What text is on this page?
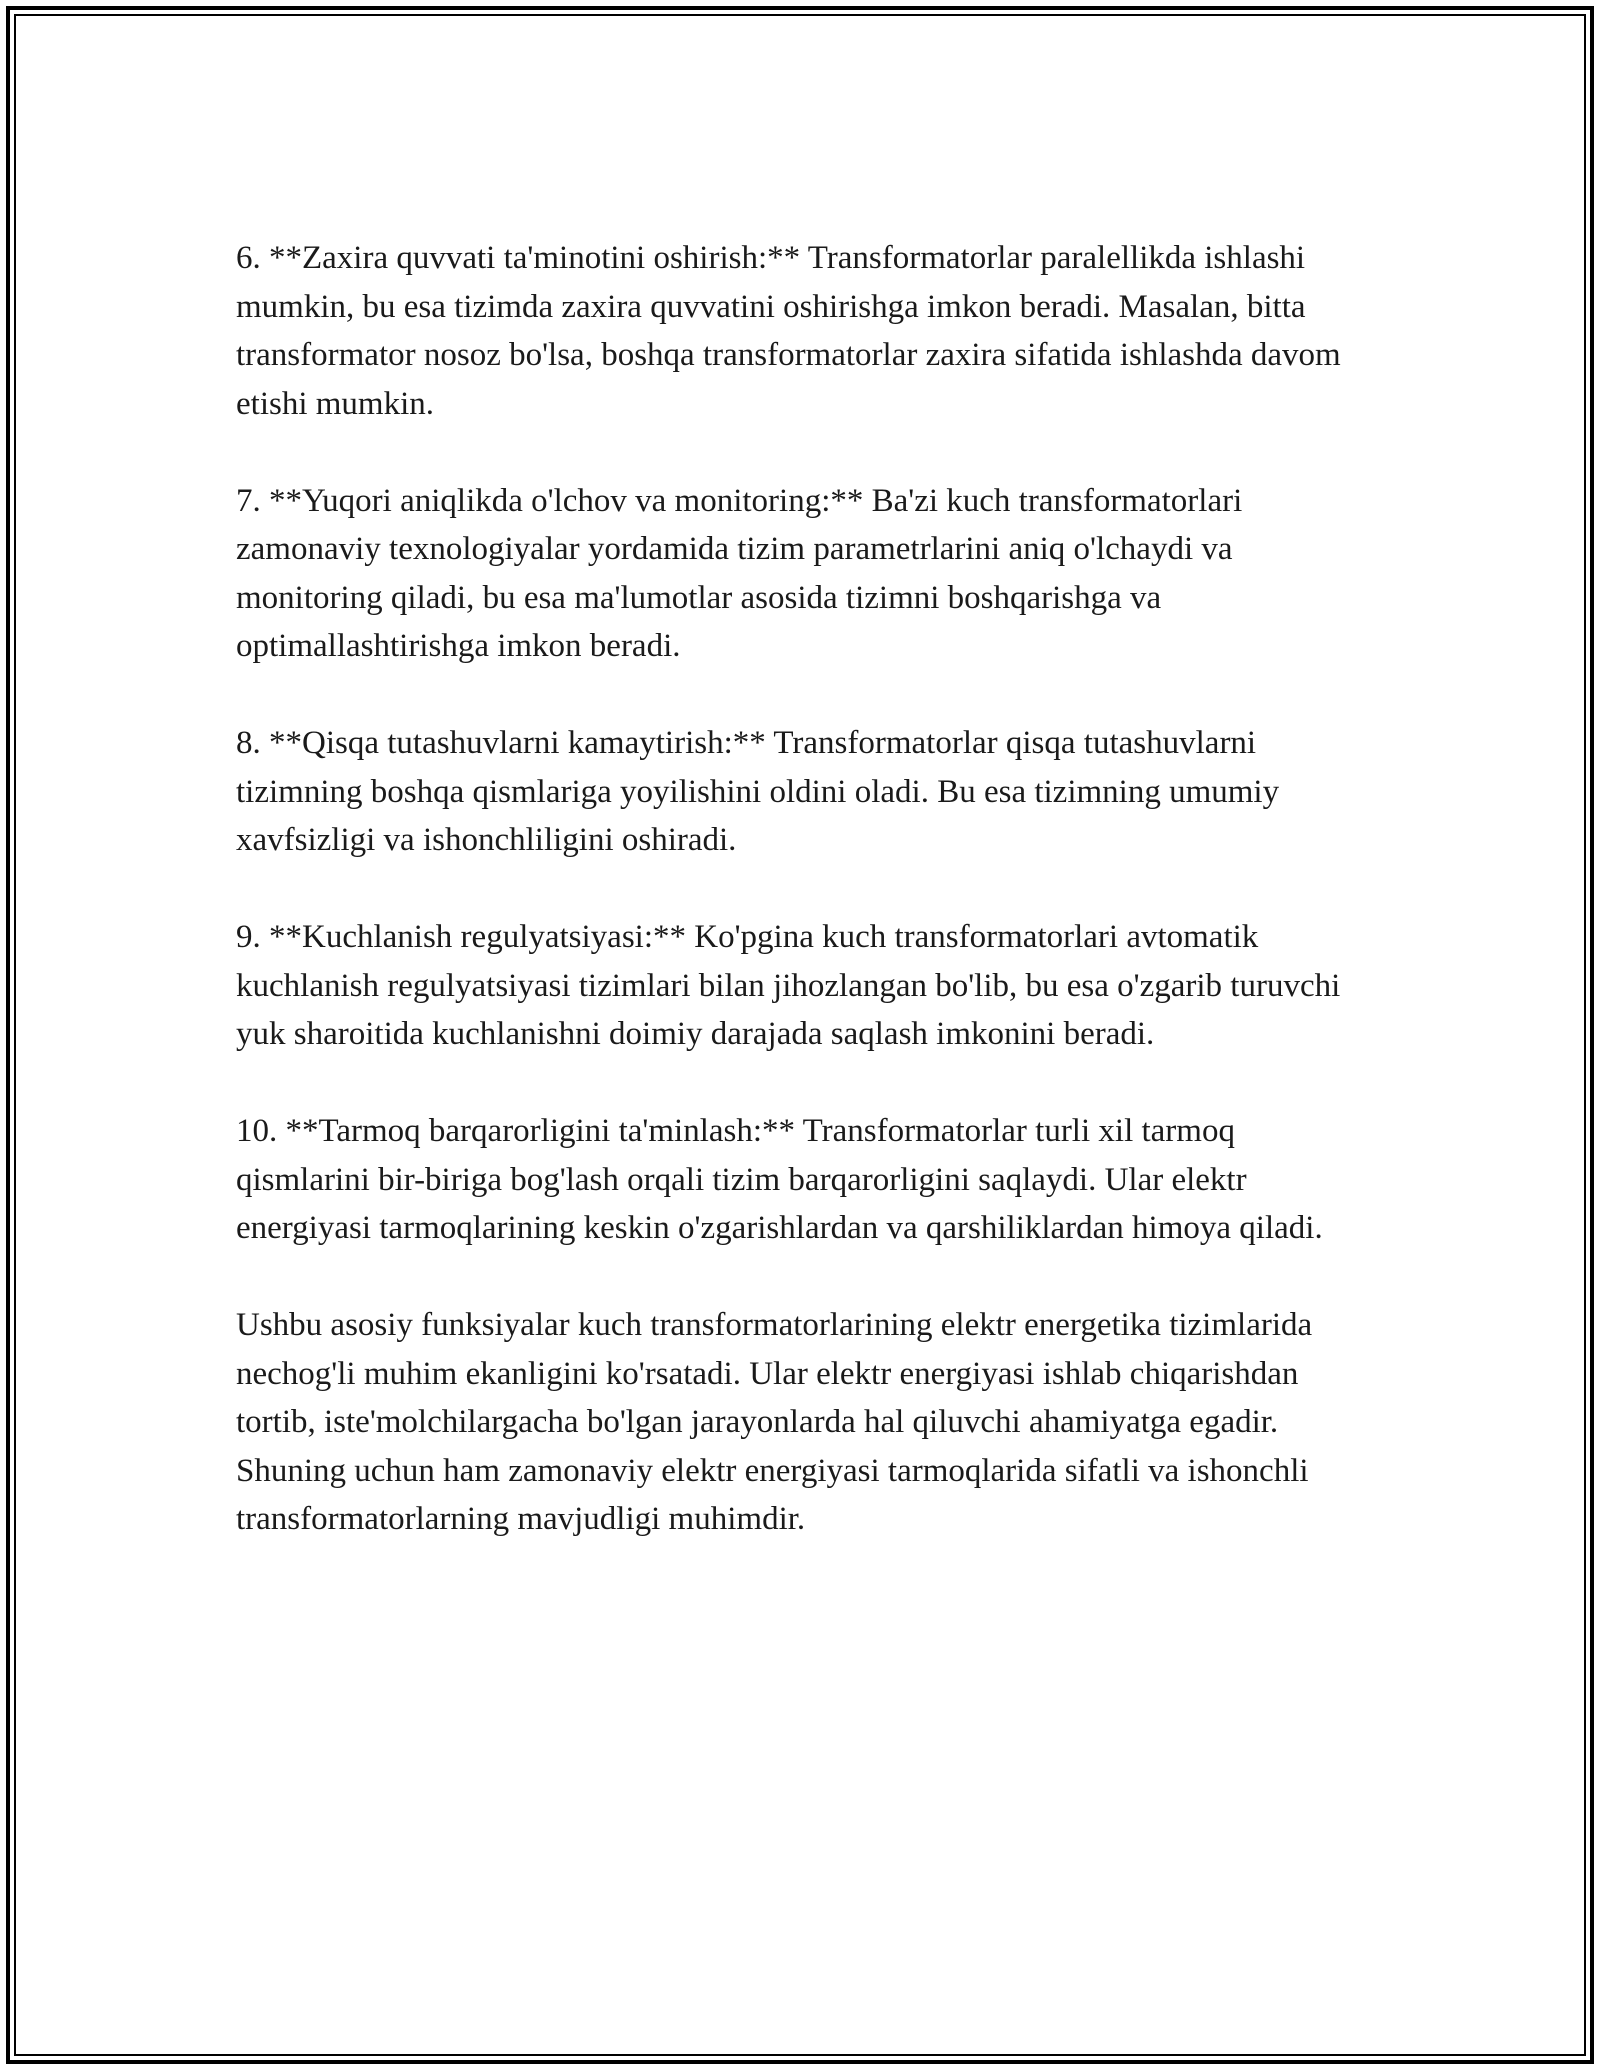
6. **Zaxira quvvati ta'minotini oshirish:** Transformatorlar paralellikda ishlashi mumkin, bu esa tizimda zaxira quvvatini oshirishga imkon beradi. Masalan, bitta transformator nosoz bo'lsa, boshqa transformatorlar zaxira sifatida ishlashda davom etishi mumkin.

7. **Yuqori aniqlikda o'lchov va monitoring:** Ba'zi kuch transformatorlari zamonaviy texnologiyalar yordamida tizim parametrlarini aniq o'lchaydi va monitoring qiladi, bu esa ma'lumotlar asosida tizimni boshqarishga va optimallashtirishga imkon beradi.

8. **Qisqa tutashuvlarni kamaytirish:** Transformatorlar qisqa tutashuvlarni tizimning boshqa qismlariga yoyilishini oldini oladi. Bu esa tizimning umumiy xavfsizligi va ishonchliligini oshiradi.

9. **Kuchlanish regulyatsiyasi:** Ko'pgina kuch transformatorlari avtomatik kuchlanish regulyatsiyasi tizimlari bilan jihozlangan bo'lib, bu esa o'zgarib turuvchi yuk sharoitida kuchlanishni doimiy darajada saqlash imkonini beradi.

10. **Tarmoq barqarorligini ta'minlash:** Transformatorlar turli xil tarmoq qismlarini bir-biriga bog'lash orqali tizim barqarorligini saqlaydi. Ular elektr energiyasi tarmoqlarining keskin o'zgarishlardan va qarshiliklardan himoya qiladi.

Ushbu asosiy funksiyalar kuch transformatorlarining elektr energetika tizimlarida nechog'li muhim ekanligini ko'rsatadi. Ular elektr energiyasi ishlab chiqarishdan tortib, iste'molchilargacha bo'lgan jarayonlarda hal qiluvchi ahamiyatga egadir. Shuning uchun ham zamonaviy elektr energiyasi tarmoqlarida sifatli va ishonchli transformatorlarning mavjudligi muhimdir.
